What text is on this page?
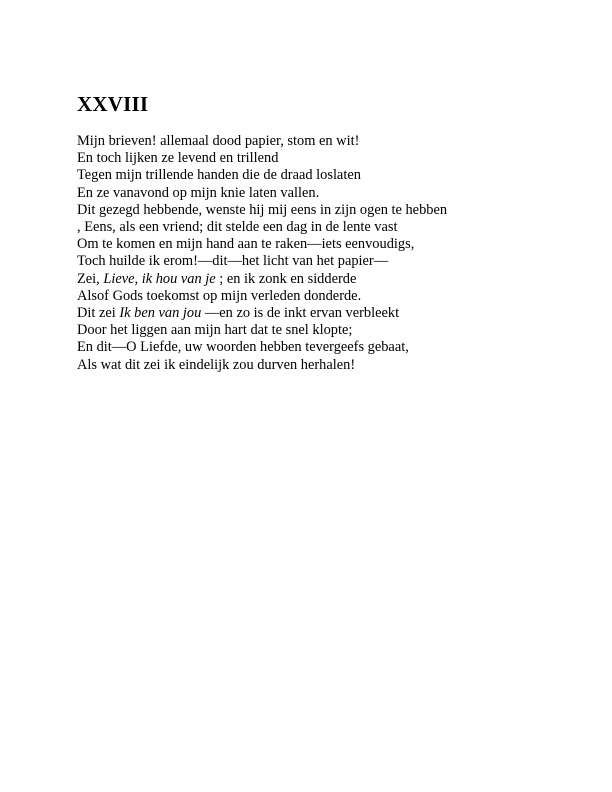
XXVIII
Mijn brieven! allemaal dood papier, stom en wit!
En toch lijken ze levend en trillend
Tegen mijn trillende handen die de draad loslaten
En ze vanavond op mijn knie laten vallen.
Dit gezegd hebbende, wenste hij mij eens in zijn ogen te hebben
, Eens, als een vriend; dit stelde een dag in de lente vast
Om te komen en mijn hand aan te raken—iets eenvoudigs,
Toch huilde ik erom!—dit—het licht van het papier—
Zei, Lieve, ik hou van je ; en ik zonk en sidderde
Alsof Gods toekomst op mijn verleden donderde.
Dit zei Ik ben van jou —en zo is de inkt ervan verbleekt
Door het liggen aan mijn hart dat te snel klopte;
En dit—O Liefde, uw woorden hebben tevergeefs gebaat,
Als wat dit zei ik eindelijk zou durven herhalen!
